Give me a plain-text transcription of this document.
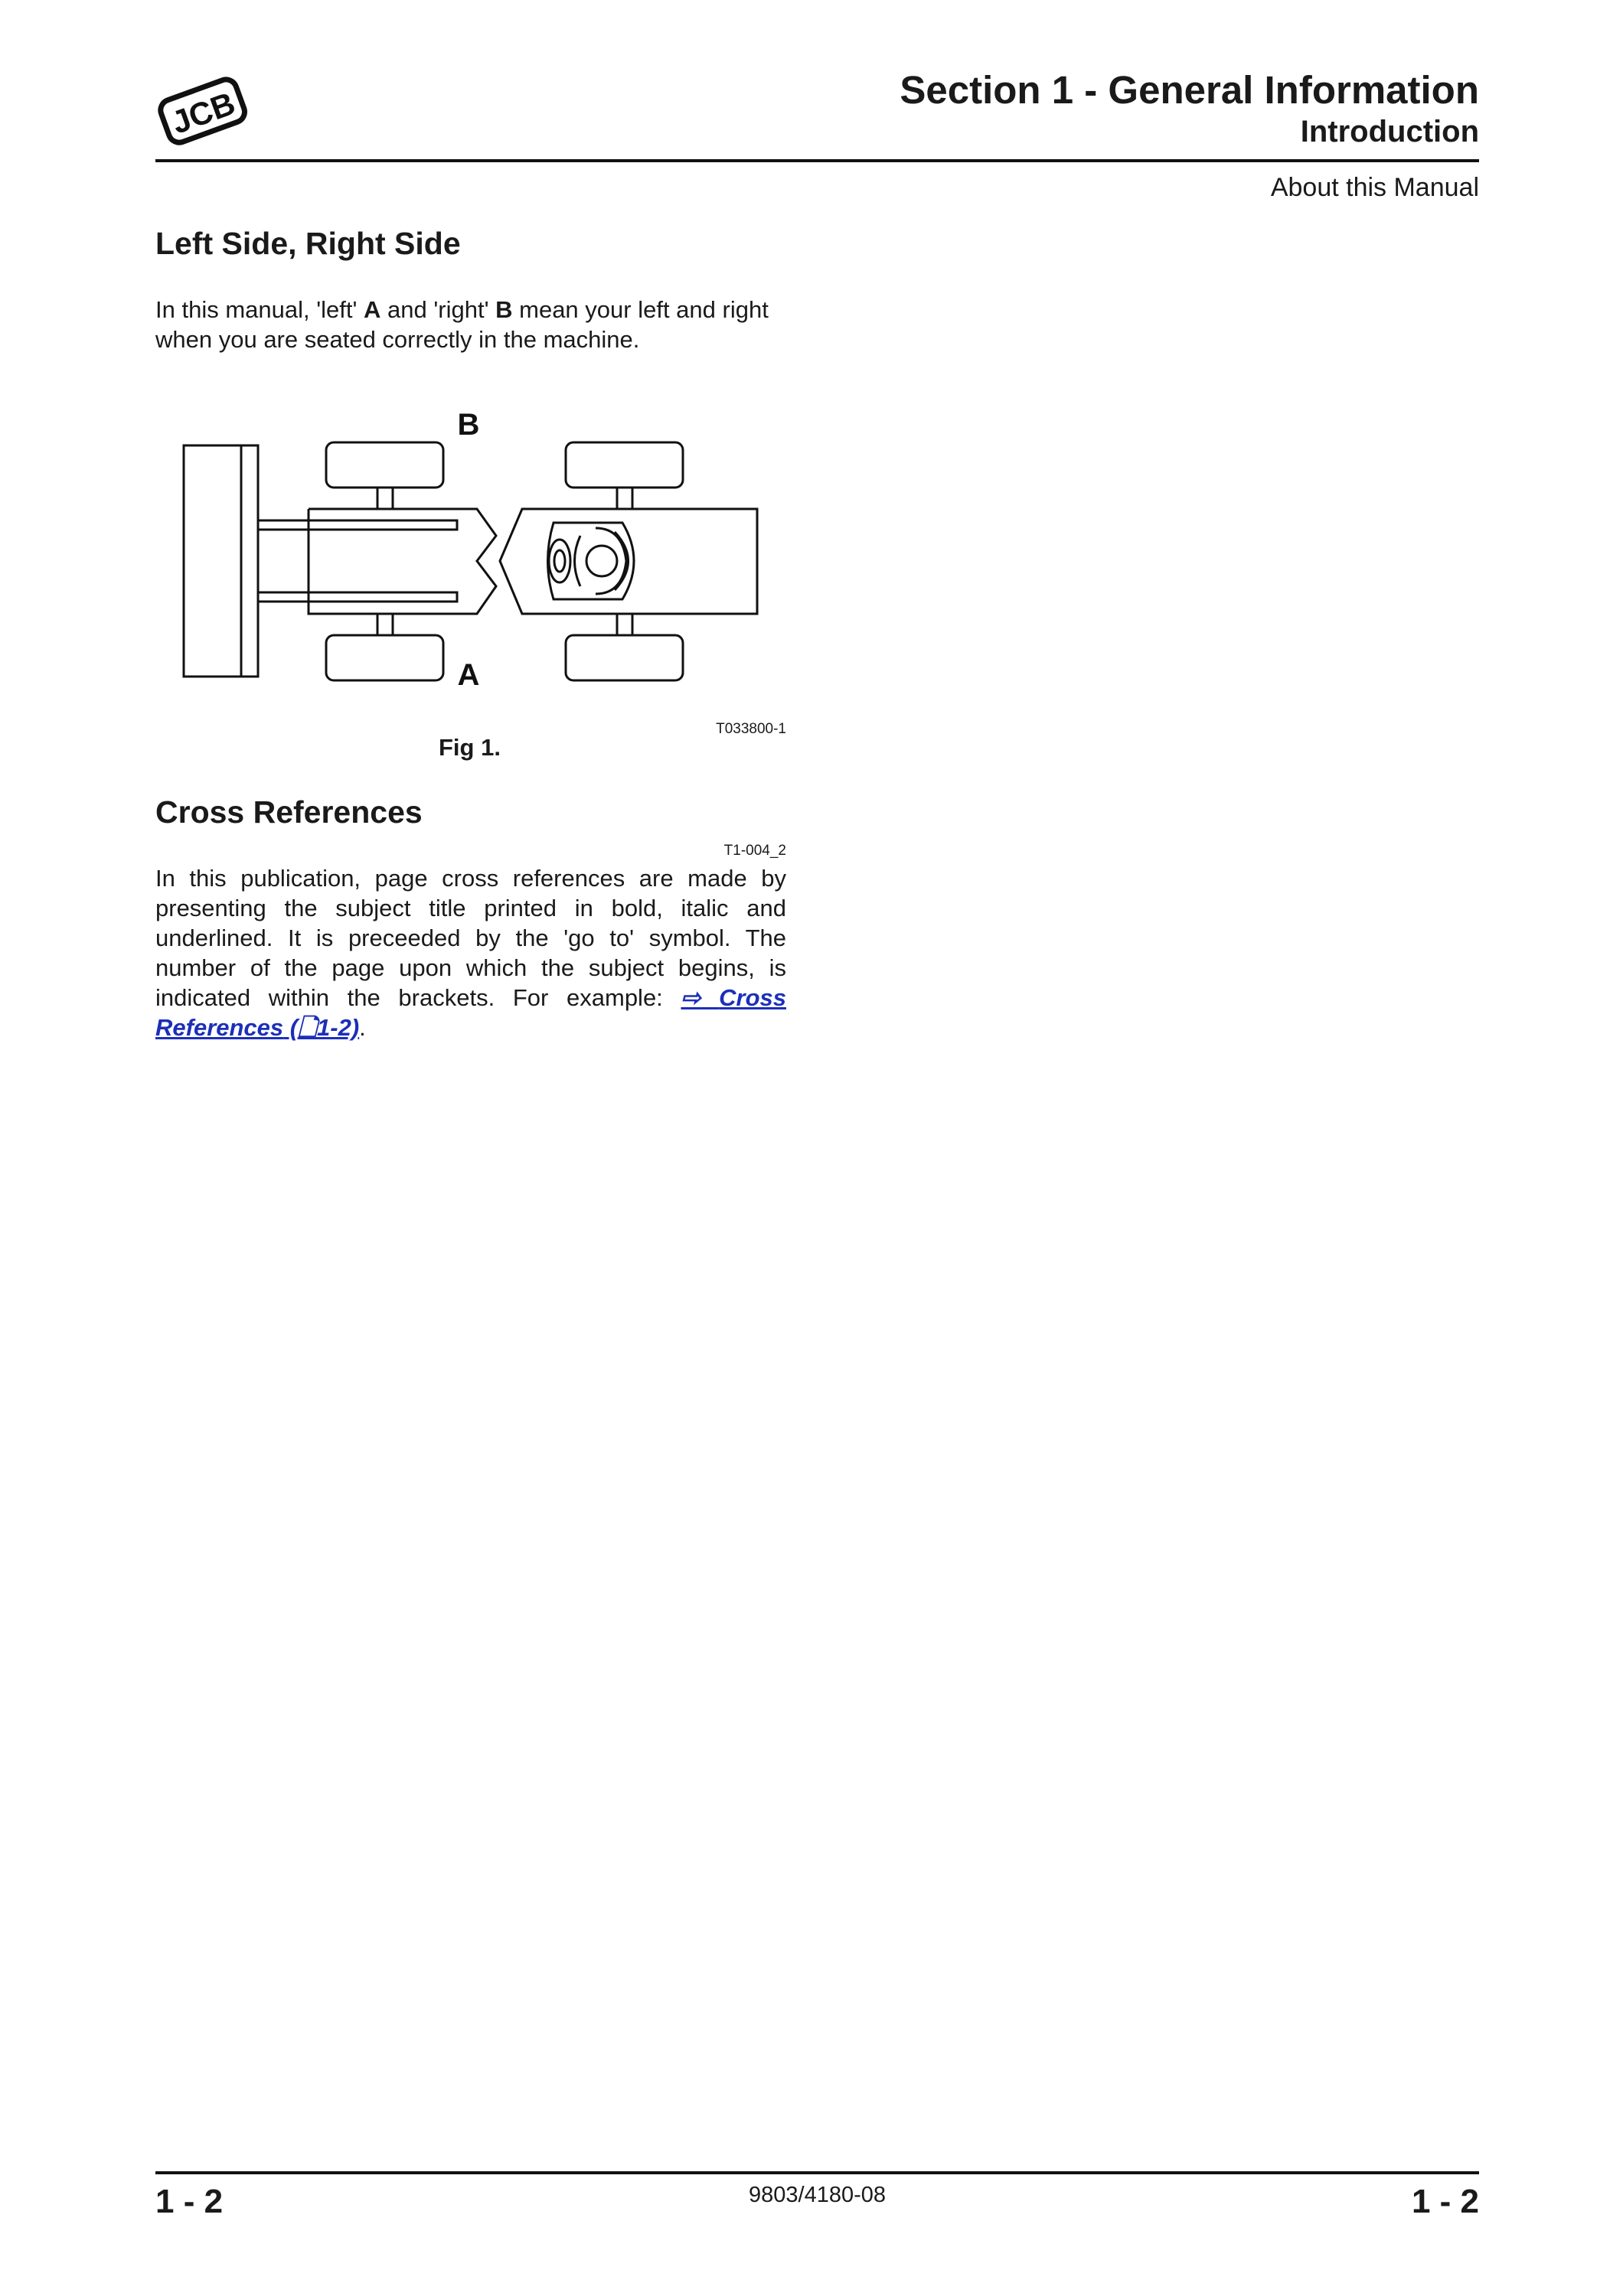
JCB	Section 1 - General Information
Introduction
About this Manual
Left Side, Right Side
In this manual, 'left' A and 'right' B mean your left and right when you are seated correctly in the machine.
B
A
T033800-1
Fig 1.
Cross References
T1-004_2
In this publication, page cross references are made by presenting the subject title printed in bold, italic and underlined. It is preceeded by the 'go to' symbol. The number of the page upon which the subject begins, is indicated within the brackets. For example: ⇨ Cross References (🗋1-2).
1 - 2	9803/4180-08	1 - 2
